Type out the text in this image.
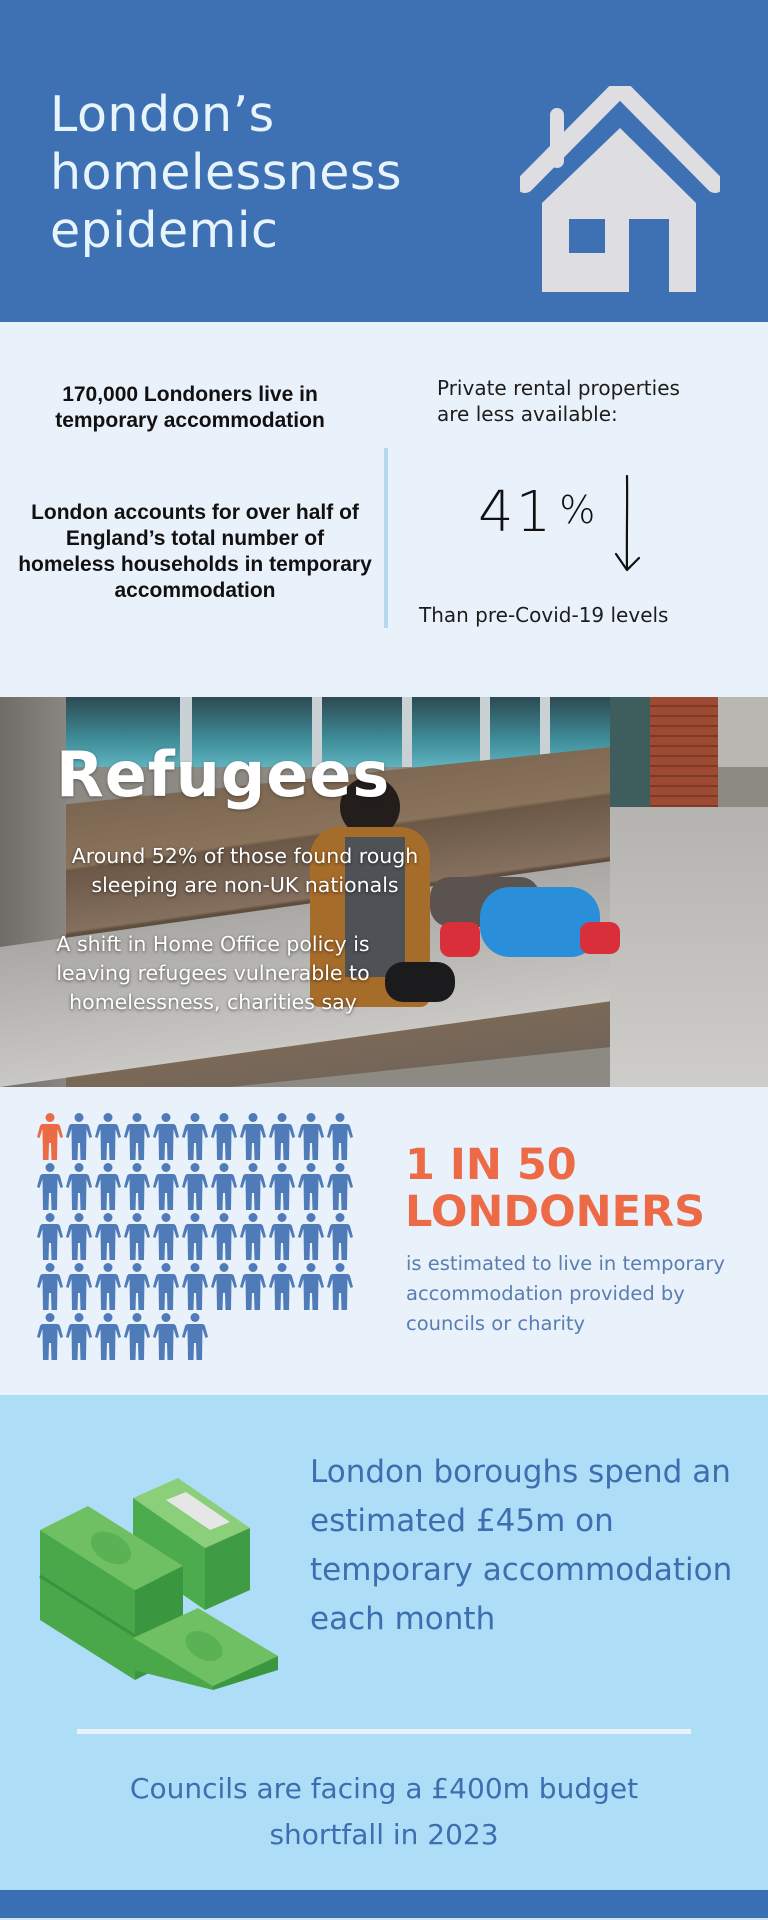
London’s
homelessness
epidemic
170,000 Londoners live in temporary accommodation
London accounts for over half of England’s total number of homeless households in temporary accommodation
Private rental properties are less available:
41 %
Than pre-Covid-19 levels
Refugees
Around 52% of those found rough sleeping are non-UK nationals
A shift in Home Office policy is leaving refugees vulnerable to homelessness, charities say
1 IN 50
LONDONERS
is estimated to live in temporary accommodation provided by councils or charity
London boroughs spend an estimated £45m on temporary accommodation each month
Councils are facing a £400m budget shortfall in 2023
